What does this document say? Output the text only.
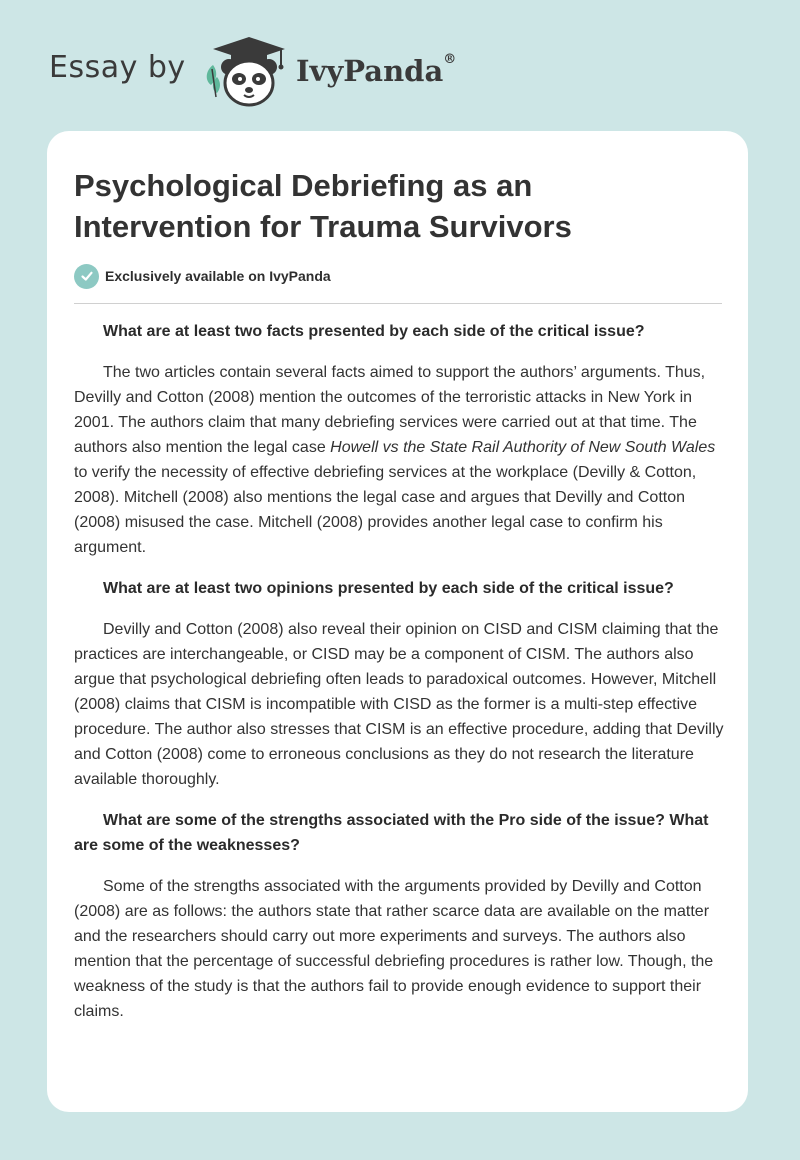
Essay by	IvyPanda®
Psychological Debriefing as an Intervention for Trauma Survivors
Exclusively available on IvyPanda

What are at least two facts presented by each side of the critical issue?

The two articles contain several facts aimed to support the authors’ arguments. Thus, Devilly and Cotton (2008) mention the outcomes of the terroristic attacks in New York in 2001. The authors claim that many debriefing services were carried out at that time. The authors also mention the legal case Howell vs the State Rail Authority of New South Wales to verify the necessity of effective debriefing services at the workplace (Devilly & Cotton, 2008). Mitchell (2008) also mentions the legal case and argues that Devilly and Cotton (2008) misused the case. Mitchell (2008) provides another legal case to confirm his argument.

What are at least two opinions presented by each side of the critical issue?

Devilly and Cotton (2008) also reveal their opinion on CISD and CISM claiming that the practices are interchangeable, or CISD may be a component of CISM. The authors also argue that psychological debriefing often leads to paradoxical outcomes. However, Mitchell (2008) claims that CISM is incompatible with CISD as the former is a multi-step effective procedure. The author also stresses that CISM is an effective procedure, adding that Devilly and Cotton (2008) come to erroneous conclusions as they do not research the literature available thoroughly.

What are some of the strengths associated with the Pro side of the issue? What are some of the weaknesses?

Some of the strengths associated with the arguments provided by Devilly and Cotton (2008) are as follows: the authors state that rather scarce data are available on the matter and the researchers should carry out more experiments and surveys. The authors also mention that the percentage of successful debriefing procedures is rather low. Though, the weakness of the study is that the authors fail to provide enough evidence to support their claims.
